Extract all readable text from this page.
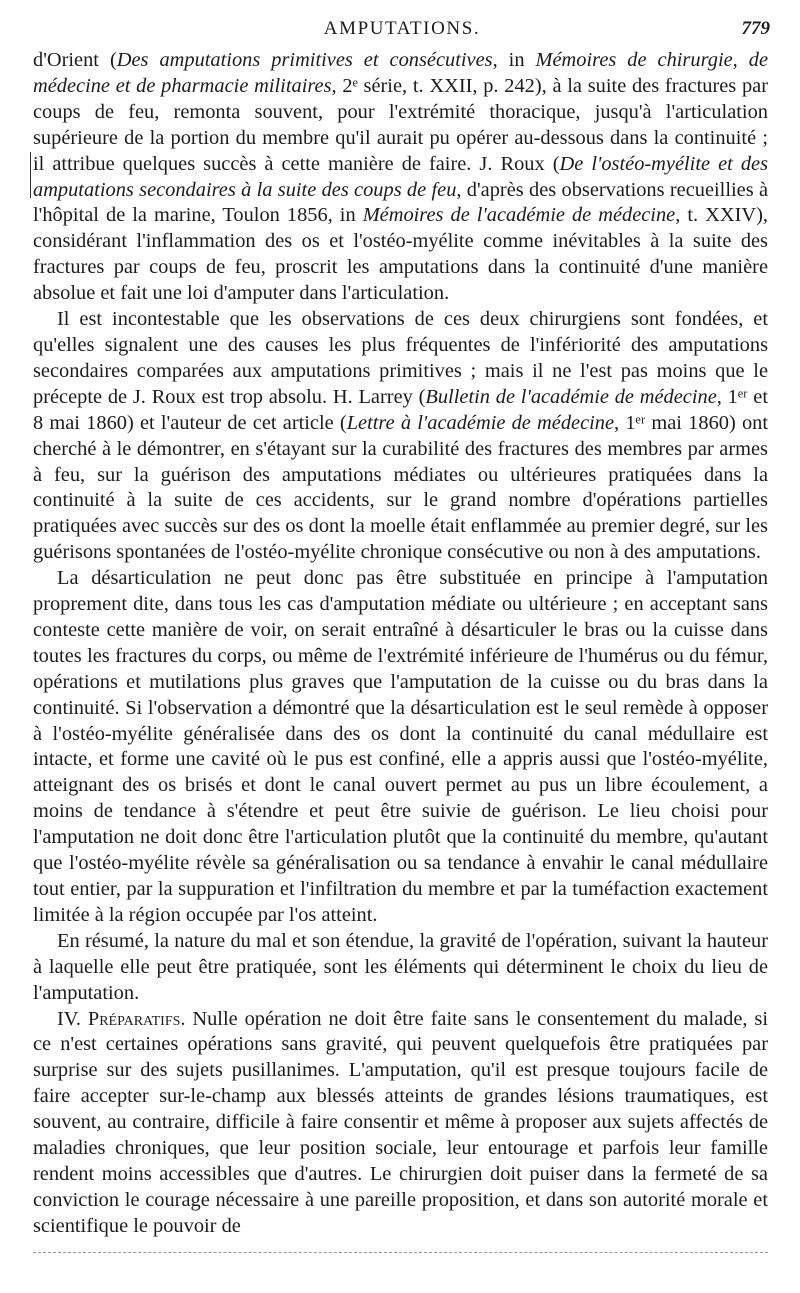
AMPUTATIONS.	779

d'Orient (Des amputations primitives et consécutives, in Mémoires de chirurgie, de médecine et de pharmacie militaires, 2ᵉ série, t. XXII, p. 242), à la suite des fractures par coups de feu, remonta souvent, pour l'extrémité thoracique, jusqu'à l'articulation supérieure de la portion du membre qu'il aurait pu opérer au-dessous dans la continuité ; il attribue quelques succès à cette manière de faire. J. Roux (De l'ostéo-myélite et des amputations secondaires à la suite des coups de feu, d'après des observations recueillies à l'hôpital de la marine, Toulon 1856, in Mémoires de l'académie de médecine, t. XXIV), considérant l'inflammation des os et l'ostéo-myélite comme inévitables à la suite des fractures par coups de feu, proscrit les amputations dans la continuité d'une manière absolue et fait une loi d'amputer dans l'articulation.

Il est incontestable que les observations de ces deux chirurgiens sont fondées, et qu'elles signalent une des causes les plus fréquentes de l'infériorité des amputations secondaires comparées aux amputations primitives ; mais il ne l'est pas moins que le précepte de J. Roux est trop absolu. H. Larrey (Bulletin de l'académie de médecine, 1ᵉʳ et 8 mai 1860) et l'auteur de cet article (Lettre à l'académie de médecine, 1ᵉʳ mai 1860) ont cherché à le démontrer, en s'étayant sur la curabilité des fractures des membres par armes à feu, sur la guérison des amputations médiates ou ultérieures pratiquées dans la continuité à la suite de ces accidents, sur le grand nombre d'opérations partielles pratiquées avec succès sur des os dont la moelle était enflammée au premier degré, sur les guérisons spontanées de l'ostéo-myélite chronique consécutive ou non à des amputations.

La désarticulation ne peut donc pas être substituée en principe à l'amputation proprement dite, dans tous les cas d'amputation médiate ou ultérieure ; en acceptant sans conteste cette manière de voir, on serait entraîné à désarticuler le bras ou la cuisse dans toutes les fractures du corps, ou même de l'extrémité inférieure de l'humérus ou du fémur, opérations et mutilations plus graves que l'amputation de la cuisse ou du bras dans la continuité. Si l'observation a démontré que la désarticulation est le seul remède à opposer à l'ostéo-myélite généralisée dans des os dont la continuité du canal médullaire est intacte, et forme une cavité où le pus est confiné, elle a appris aussi que l'ostéo-myélite, atteignant des os brisés et dont le canal ouvert permet au pus un libre écoulement, a moins de tendance à s'étendre et peut être suivie de guérison. Le lieu choisi pour l'amputation ne doit donc être l'articulation plutôt que la continuité du membre, qu'autant que l'ostéo-myélite révèle sa généralisation ou sa tendance à envahir le canal médullaire tout entier, par la suppuration et l'infiltration du membre et par la tuméfaction exactement limitée à la région occupée par l'os atteint.

En résumé, la nature du mal et son étendue, la gravité de l'opération, suivant la hauteur à laquelle elle peut être pratiquée, sont les éléments qui déterminent le choix du lieu de l'amputation.

IV. Préparatifs. Nulle opération ne doit être faite sans le consentement du malade, si ce n'est certaines opérations sans gravité, qui peuvent quelquefois être pratiquées par surprise sur des sujets pusillanimes. L'amputation, qu'il est presque toujours facile de faire accepter sur-le-champ aux blessés atteints de grandes lésions traumatiques, est souvent, au contraire, difficile à faire consentir et même à proposer aux sujets affectés de maladies chroniques, que leur position sociale, leur entourage et parfois leur famille rendent moins accessibles que d'autres. Le chirurgien doit puiser dans la fermeté de sa conviction le courage nécessaire à une pareille proposition, et dans son autorité morale et scientifique le pouvoir de
